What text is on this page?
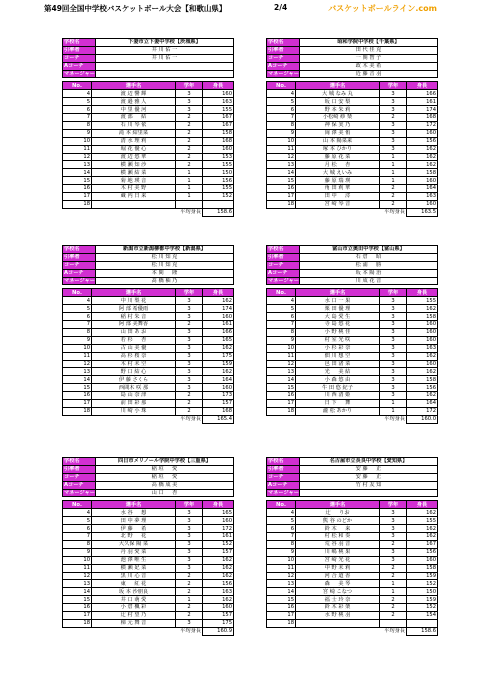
第49回全国中学校バスケットボール大会【和歌山県】	2/4	バスケットボールライン.com
学校名	下妻市立下妻中学校【茨城県】
引率者	井 川 佑 一
コーチ	井 川 佑 一
Aコーチ	
マネージャー	
No.	選手名	学年	身長
4	渡 辺 響 輝	3	160
5	渡 邉 雅 人	3	163
6	中 里 優 河	3	155
7	渡 部 　 結	2	167
8	石 川 琴 依	2	167
9	滝 本 結里菜	2	158
10	清 水 理 莉	2	168
11	堀 花 優 心	2	160
12	渡 辺 悠 華	2	153
13	横 瀬 知 沙	2	155
14	横 瀬 結 菜	1	150
15	菊 地 瑛 音	1	156
16	木 村 美 野	1	155
17	蔵 内 日 来	1	152
18			
平均身長			158.6
学校名	昭和学院中学校【千葉県】
引率者	田 代 佳 克
コーチ	一 関 智 子
Aコーチ	政 木 美 希
マネージャー	近 藤 音 羽
No.	選手名	学年	身長
4	大 城 なみ 丸	3	166
5	坂 口 安 梨	3	161
6	野 本 朱 莉	3	174
7	小松崎 紗 楽	2	168
8	神 保 実 乃	3	172
9	岡 澤 美 侑	3	160
10	山 本 陽菜来	3	156
11	塚 本 ひかり	3	162
12	藤 原 花 菜	1	162
13	月 松 　 杏	1	162
14	大 城 えいみ	1	158
15	藤 原 瑞 瑛	1	160
16	角 田 莉 華	2	164
17	田 中 　 澪	2	163
18	宮 崎 琴 音	2	160
平均身長			163.5
学校名	新潟市立新潟柳都中学校【新潟県】
引率者	松 川 知 克
コーチ	松 川 知 克
Aコーチ	本 間 　 隆
マネージャー	髙 橋 柚 乃
No.	選手名	学年	身長
4	中 川 梨 花	3	162
5	阿 部 希優雨	3	174
6	稲 村 朱 音	3	160
7	阿 部 美舞香	2	161
8	山 田 あ お	3	166
9	若 杉 　 杏	3	165
10	古 山 美 優	3	162
11	高 杉 桜 奈	3	175
12	木 村 未 空	3	159
13	野 口 結 心	3	162
14	伊 藤 さくら	3	164
15	西間木 咲 那	3	160
16	島 山 奈 津	2	173
17	前 田 彩 那	2	157
18	川 崎 小 珠	2	168
平均身長			165.4
学校名	富山市立奥田中学校【富山県】
引率者	石 倉 　 昭
コーチ	松 浦 　 勝
Aコーチ	坂 本 陽 治
マネージャー	川 成 花 音
No.	選手名	学年	身長
4	水 口 一 果	3	155
5	栗 田 優 理	3	162
6	大 島 愛 生	3	158
7	寺 島 悠 花	3	160
8	小 野 桃 佳	3	160
9	村 室 光 咲	3	160
10	小 杉 彩 奈	3	163
11	佃 川 想 空	3	162
12	邑 田 渚 菜	3	160
13	光 　 美 結	3	162
14	小 森 悠 由	3	158
15	牛 田 悠 紀子	3	156
16	川 西 清 姫	3	162
17	日 下 　 舞	1	164
18	瀧 松 あかり	1	172
平均身長			160.0
学校名	四日市メリノール学院中学校【三重県】
引率者	稲 垣 　 愛
コーチ	稲 垣 　 愛
Aコーチ	高 橋 成 美
マネージャー	山 口 　 杏
No.	選手名	学年	身長
4	水 谷 　 想	3	165
5	田 中 夢 理	3	160
6	伊 藤 　 希	3	172
7	北 野 　 花	3	161
8	大久保 陽 菜	3	152
9	丹 羽 愛 菜	3	157
10	池 澤 唯 生	3	162
11	横 瀬 妃 菜	3	162
12	黒 川 心 音	2	162
13	東 　 紅 花	2	156
14	坂 本 沙朋良	2	163
15	井 口 萌 愛	1	162
16	小 倉 楓 彩	2	160
17	辻 村 望 乃	2	157
18	梯 元 舞 音	3	175
平均身長			160.9
学校名	名古屋市立長良中学校【愛知県】
引率者	安 藤 　 正
コーチ	安 藤 　 正
Aコーチ	竹 村 友 知
マネージャー	
No.	選手名	学年	身長
4	辻 　 りお	3	162
5	熊 谷 のどか	3	155
6	鈴 木 　 来	3	162
7	村 松 和 奏	3	162
8	荒 谷 羽 音	2	167
9	川 嶋 桃 果	3	156
10	宮 崎 光 花	3	160
11	中 野 未 莉	2	158
12	河 合 道 香	2	159
13	森 　 美 琴	1	152
14	宮 崎 こなつ	1	150
15	福 士 玲 奈	2	159
16	鈴 木 彩 楽	2	152
17	水 野 桃 羽	2	154
18			
平均身長			158.6
